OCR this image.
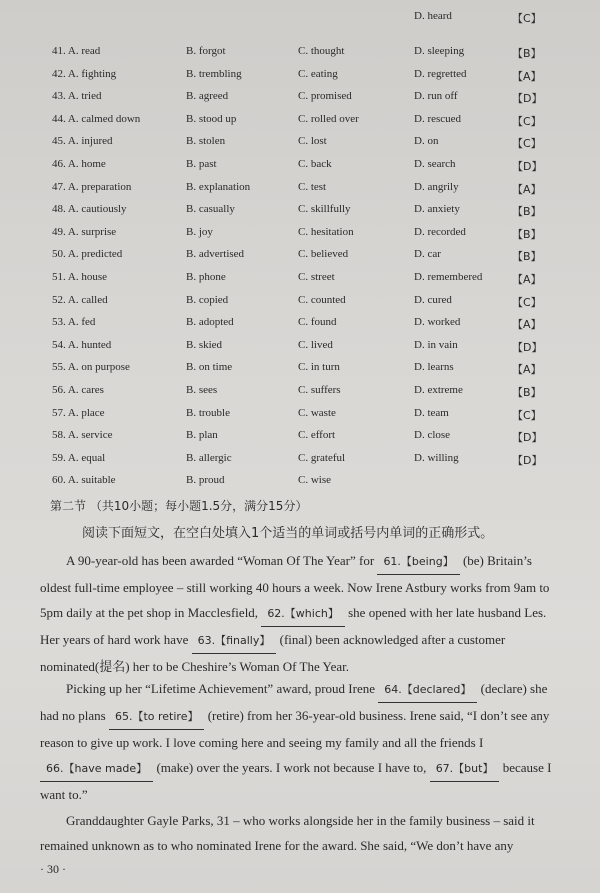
D. heard	【C】
41. A. read	B. forgot	C. thought	D. sleeping	【B】
42. A. fighting	B. trembling	C. eating	D. regretted	【A】
43. A. tried	B. agreed	C. promised	D. run off	【D】
44. A. calmed down	B. stood up	C. rolled over	D. rescued	【C】
45. A. injured	B. stolen	C. lost	D. on	【C】
46. A. home	B. past	C. back	D. search	【D】
47. A. preparation	B. explanation	C. test	D. angrily	【A】
48. A. cautiously	B. casually	C. skillfully	D. anxiety	【B】
49. A. surprise	B. joy	C. hesitation	D. recorded	【B】
50. A. predicted	B. advertised	C. believed	D. car	【B】
51. A. house	B. phone	C. street	D. remembered	【A】
52. A. called	B. copied	C. counted	D. cured	【C】
53. A. fed	B. adopted	C. found	D. worked	【A】
54. A. hunted	B. skied	C. lived	D. in vain	【D】
55. A. on purpose	B. on time	C. in turn	D. learns	【A】
56. A. cares	B. sees	C. suffers	D. extreme	【B】
57. A. place	B. trouble	C. waste	D. team	【C】
58. A. service	B. plan	C. effort	D. close	【D】
59. A. equal	B. allergic	C. grateful	D. willing	【D】
60. A. suitable	B. proud	C. wise
第二节 （共10小题；每小题1.5分，满分15分）
阅读下面短文，在空白处填入1个适当的单词或括号内单词的正确形式。
A 90-year-old has been awarded “Woman Of The Year” for 61.【being】 (be) Britain’s oldest full-time employee – still working 40 hours a week. Now Irene Astbury works from 9am to 5pm daily at the pet shop in Macclesfield, 62.【which】 she opened with her late husband Les. Her years of hard work have 63.【finally】 (final) been acknowledged after a customer nominated(提名) her to be Cheshire’s Woman Of The Year.
Picking up her “Lifetime Achievement” award, proud Irene 64.【declared】 (declare) she had no plans 65.【to retire】 (retire) from her 36-year-old business. Irene said, “I don’t see any reason to give up work. I love coming here and seeing my family and all the friends I 66.【have made】 (make) over the years. I work not because I have to, 67.【but】 because I want to.”
Granddaughter Gayle Parks, 31 – who works alongside her in the family business – said it remained unknown as to who nominated Irene for the award. She said, “We don’t have any
· 30 ·
